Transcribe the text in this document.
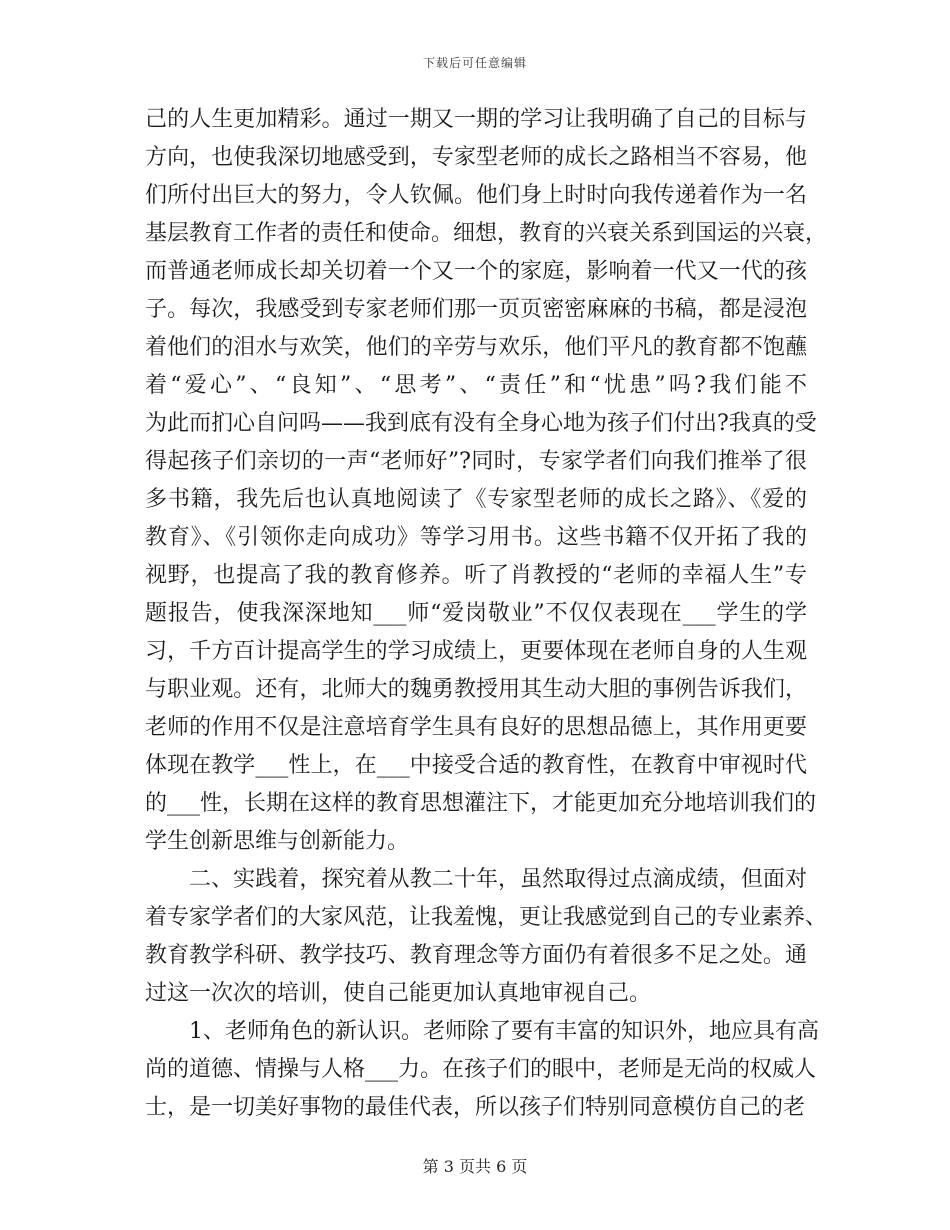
下载后可任意编辑
己的人生更加精彩。通过一期又一期的学习让我明确了自己的目标与
方向，也使我深切地感受到，专家型老师的成长之路相当不容易，他
们所付出巨大的努力，令人钦佩。他们身上时时向我传递着作为一名
基层教育工作者的责任和使命。细想，教育的兴衰关系到国运的兴衰，
而普通老师成长却关切着一个又一个的家庭，影响着一代又一代的孩
子。每次，我感受到专家老师们那一页页密密麻麻的书稿，都是浸泡
着他们的泪水与欢笑，他们的辛劳与欢乐，他们平凡的教育都不饱蘸
着“爱心”、“良知”、“思考”、“责任”和“忧患”吗?我们能不
为此而扪心自问吗——我到底有没有全身心地为孩子们付出?我真的受
得起孩子们亲切的一声“老师好”?同时，专家学者们向我们推举了很
多书籍，我先后也认真地阅读了《专家型老师的成长之路》、《爱的
教育》、《引领你走向成功》等学习用书。这些书籍不仅开拓了我的
视野，也提高了我的教育修养。听了肖教授的“老师的幸福人生”专
题报告，使我深深地知___师“爱岗敬业”不仅仅表现在___学生的学
习，千方百计提高学生的学习成绩上，更要体现在老师自身的人生观
与职业观。还有，北师大的魏勇教授用其生动大胆的事例告诉我们，
老师的作用不仅是注意培育学生具有良好的思想品德上，其作用更要
体现在教学___性上，在___中接受合适的教育性，在教育中审视时代
的___性，长期在这样的教育思想灌注下，才能更加充分地培训我们的
学生创新思维与创新能力。
二、实践着，探究着从教二十年，虽然取得过点滴成绩，但面对
着专家学者们的大家风范，让我羞愧，更让我感觉到自己的专业素养、
教育教学科研、教学技巧、教育理念等方面仍有着很多不足之处。通
过这一次次的培训，使自己能更加认真地审视自己。
1、老师角色的新认识。老师除了要有丰富的知识外，地应具有高
尚的道德、情操与人格___力。在孩子们的眼中，老师是无尚的权威人
士，是一切美好事物的最佳代表，所以孩子们特别同意模仿自己的老
第 3 页共 6 页
